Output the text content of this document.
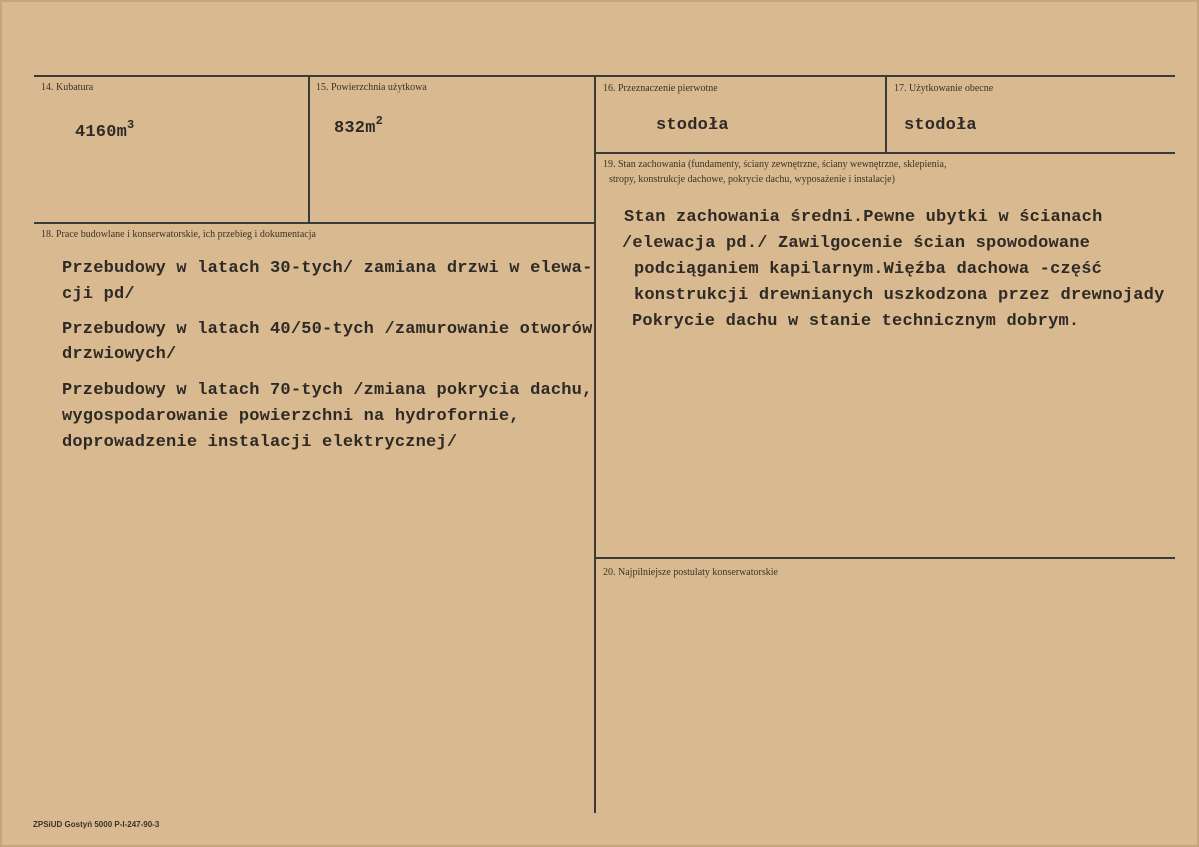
14. Kubatura
$4160m^3$
15. Powierzchnia użytkowa
$832m^2$
16. Przeznaczenie pierwotne
stodoła
17. Użytkowanie obecne
stodoła
18. Prace budowlane i konserwatorskie, ich przebieg i dokumentacja
Przebudowy w latach 30-tych/ zamiana drzwi w elewa-
cji pd/
Przebudowy w latach 40/50-tych /zamurowanie otworów
drzwiowych/
Przebudowy w latach 70-tych /zmiana pokrycia dachu,
wygospodarowanie powierzchni na hydrofornie,
doprowadzenie instalacji elektrycznej/
19. Stan zachowania (fundamenty, ściany zewnętrzne, ściany wewnętrzne, sklepienia,
stropy, konstrukcje dachowe, pokrycie dachu, wyposażenie i instalacje)
Stan zachowania średni.Pewne ubytki w ścianach
/elewacja pd./ Zawilgocenie ścian spowodowane
podciąganiem kapilarnym.Więźba dachowa -część
konstrukcji drewnianych uszkodzona przez drewnojady
Pokrycie dachu w stanie technicznym dobrym.
20. Najpilniejsze postulaty konserwatorskie
ZPSiUD Gostyń 5000 P-I-247-90-3
